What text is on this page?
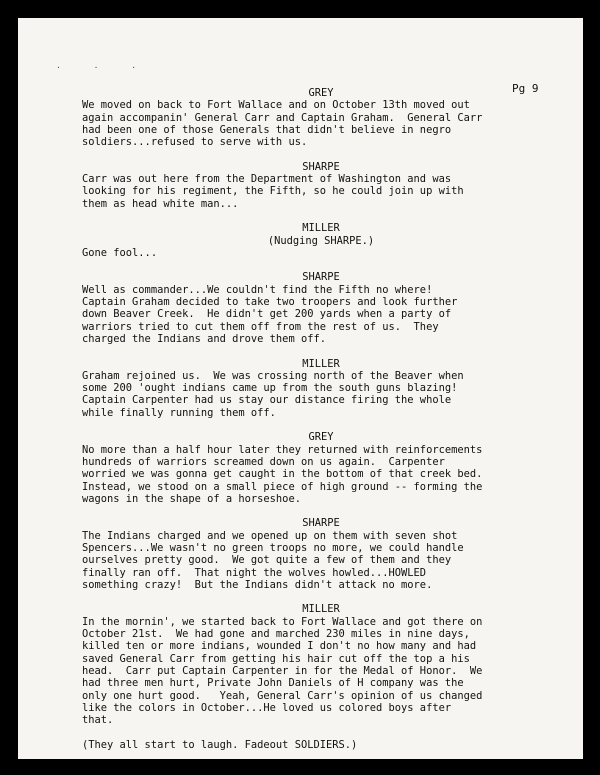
· · ·
Pg 9
GREY
We moved on back to Fort Wallace and on October 13th moved out
again accompanin' General Carr and Captain Graham.  General Carr
had been one of those Generals that didn't believe in negro
soldiers...refused to serve with us.
SHARPE
Carr was out here from the Department of Washington and was
looking for his regiment, the Fifth, so he could join up with
them as head white man...
MILLER
(Nudging SHARPE.)
Gone fool...
SHARPE
Well as commander...We couldn't find the Fifth no where!
Captain Graham decided to take two troopers and look further
down Beaver Creek.  He didn't get 200 yards when a party of
warriors tried to cut them off from the rest of us.  They
charged the Indians and drove them off.
MILLER
Graham rejoined us.  We was crossing north of the Beaver when
some 200 'ought indians came up from the south guns blazing!
Captain Carpenter had us stay our distance firing the whole
while finally running them off.
GREY
No more than a half hour later they returned with reinforcements
hundreds of warriors screamed down on us again.  Carpenter
worried we was gonna get caught in the bottom of that creek bed.
Instead, we stood on a small piece of high ground -- forming the
wagons in the shape of a horseshoe.
SHARPE
The Indians charged and we opened up on them with seven shot
Spencers...We wasn't no green troops no more, we could handle
ourselves pretty good.  We got quite a few of them and they
finally ran off.  That night the wolves howled...HOWLED
something crazy!  But the Indians didn't attack no more.
MILLER
In the mornin', we started back to Fort Wallace and got there on
October 21st.  We had gone and marched 230 miles in nine days,
killed ten or more indians, wounded I don't no how many and had
saved General Carr from getting his hair cut off the top a his
head.  Carr put Captain Carpenter in for the Medal of Honor.  We
had three men hurt, Private John Daniels of H company was the
only one hurt good.   Yeah, General Carr's opinion of us changed
like the colors in October...He loved us colored boys after
that.
(They all start to laugh. Fadeout SOLDIERS.)
